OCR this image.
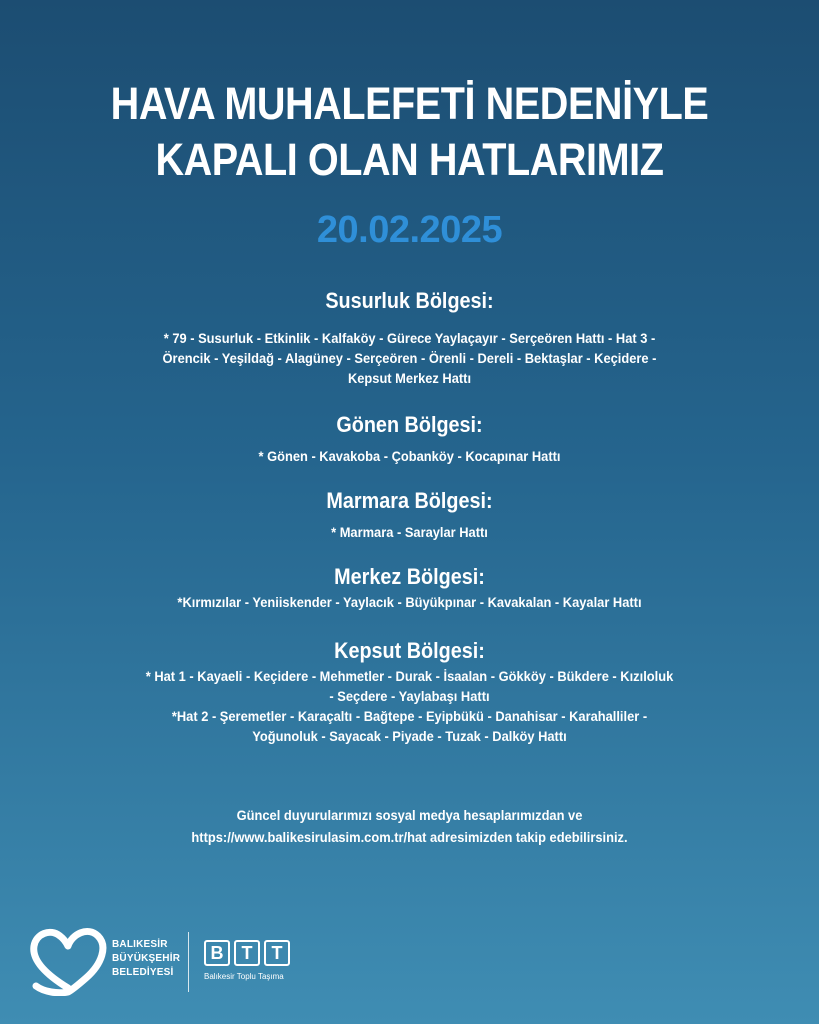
HAVA MUHALEFETİ NEDENİYLE
KAPALI OLAN HATLARIMIZ
20.02.2025
Susurluk Bölgesi:
* 79 - Susurluk - Etkinlik - Kalfaköy - Gürece Yaylaçayır - Serçeören Hattı - Hat 3 -
Örencik - Yeşildağ - Alagüney - Serçeören - Örenli - Dereli - Bektaşlar - Keçidere -
Kepsut Merkez Hattı
Gönen Bölgesi:
* Gönen - Kavakoba - Çobanköy - Kocapınar Hattı
Marmara Bölgesi:
* Marmara - Saraylar Hattı
Merkez Bölgesi:
*Kırmızılar - Yeniiskender - Yaylacık - Büyükpınar - Kavakalan - Kayalar Hattı
Kepsut Bölgesi:
* Hat 1 - Kayaeli - Keçidere - Mehmetler - Durak - İsaalan - Gökköy - Bükdere - Kızıloluk
- Seçdere - Yaylabaşı Hattı
*Hat 2 - Şeremetler - Karaçaltı - Bağtepe - Eyipbükü - Danahisar - Karahalliler -
Yoğunoluk - Sayacak - Piyade - Tuzak - Dalköy Hattı
Güncel duyurularımızı sosyal medya hesaplarımızdan ve
https://www.balikesirulasim.com.tr/hat adresimizden takip edebilirsiniz.
BALIKESİR
BÜYÜKŞEHİR
BELEDİYESİ
B	T	T
Balıkesir Toplu Taşıma
